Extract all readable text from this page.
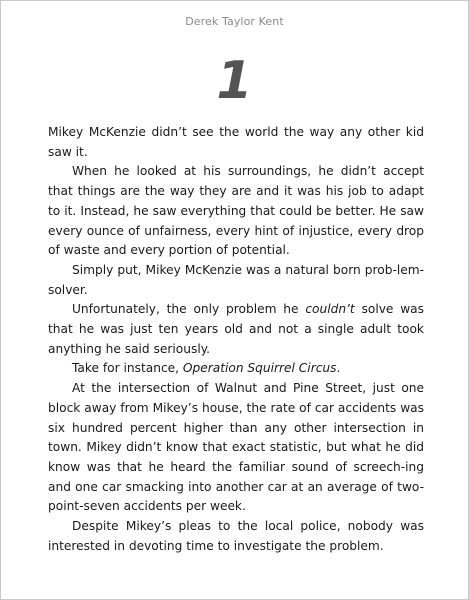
Derek Taylor Kent
1

Mikey McKenzie didn’t see the world the way any other kid saw it.

When he looked at his surroundings, he didn’t accept that things are the way they are and it was his job to adapt to it. Instead, he saw everything that could be better. He saw every ounce of unfairness, every hint of injustice, every drop of waste and every portion of potential.

Simply put, Mikey McKenzie was a natural born prob-lem-solver.

Unfortunately, the only problem he couldn’t solve was that he was just ten years old and not a single adult took anything he said seriously.

Take for instance, Operation Squirrel Circus.

At the intersection of Walnut and Pine Street, just one block away from Mikey’s house, the rate of car accidents was six hundred percent higher than any other intersection in town. Mikey didn’t know that exact statistic, but what he did know was that he heard the familiar sound of screech-ing and one car smacking into another car at an average of two-point-seven accidents per week.

Despite Mikey’s pleas to the local police, nobody was interested in devoting time to investigate the problem.
